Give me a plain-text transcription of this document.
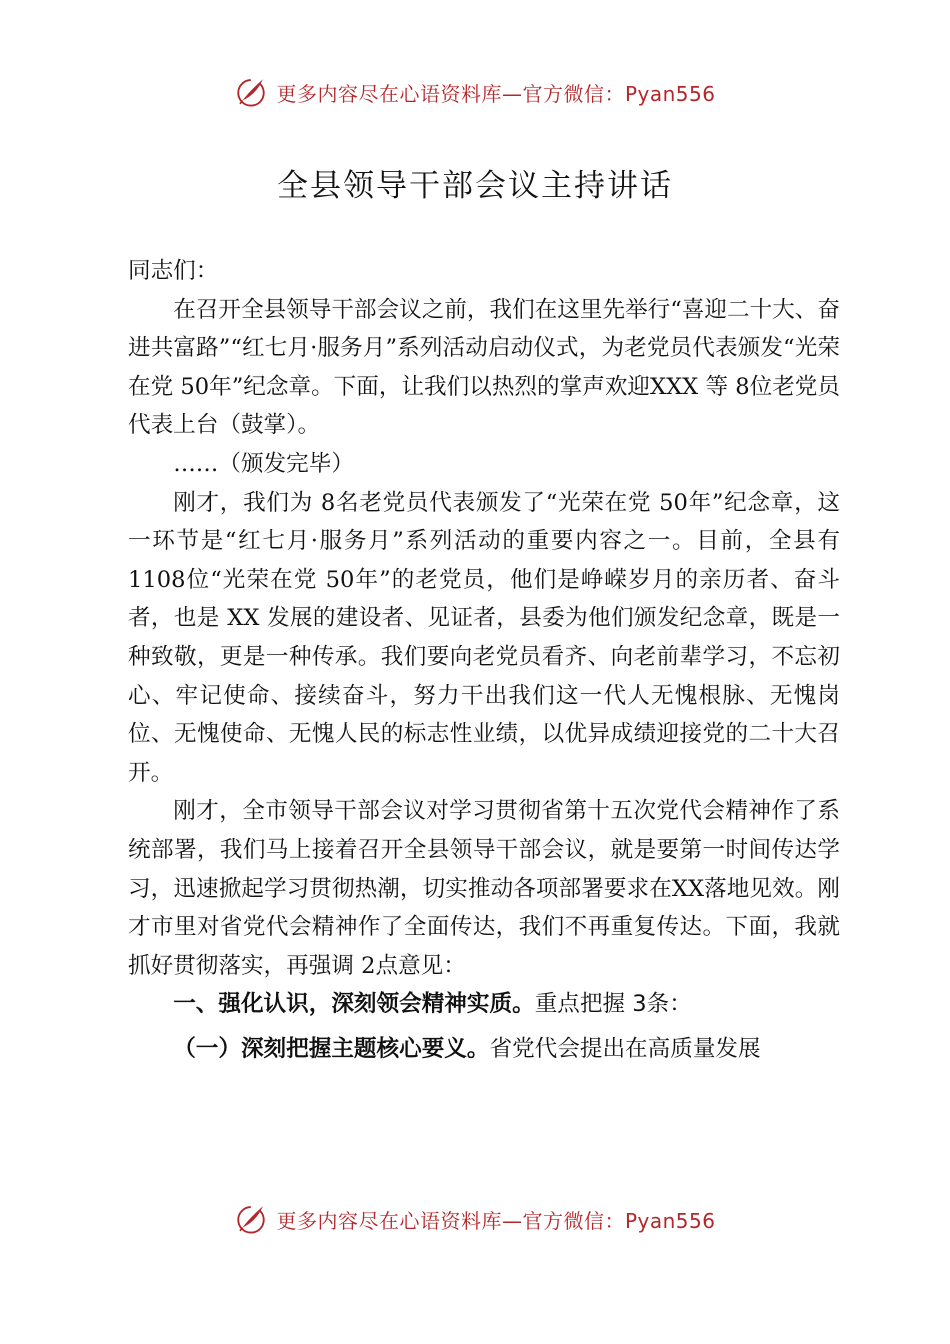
更多内容尽在心语资料库—官方微信：Pyan556
全县领导干部会议主持讲话

同志们：

在召开全县领导干部会议之前，我们在这里先举行“喜迎二十大、奋进共富路”“红七月·服务月”系列活动启动仪式，为老党员代表颁发“光荣在党 50年”纪念章。下面，让我们以热烈的掌声欢迎XXX 等 8位老党员代表上台（鼓掌）。

……（颁发完毕）

刚才，我们为 8名老党员代表颁发了“光荣在党 50年”纪念章，这一环节是“红七月·服务月”系列活动的重要内容之一。目前，全县有 1108位“光荣在党 50年”的老党员，他们是峥嵘岁月的亲历者、奋斗者，也是 XX 发展的建设者、见证者，县委为他们颁发纪念章，既是一种致敬，更是一种传承。我们要向老党员看齐、向老前辈学习，不忘初心、牢记使命、接续奋斗，努力干出我们这一代人无愧根脉、无愧岗位、无愧使命、无愧人民的标志性业绩，以优异成绩迎接党的二十大召开。

刚才，全市领导干部会议对学习贯彻省第十五次党代会精神作了系统部署，我们马上接着召开全县领导干部会议，就是要第一时间传达学习，迅速掀起学习贯彻热潮，切实推动各项部署要求在XX落地见效。刚才市里对省党代会精神作了全面传达，我们不再重复传达。下面，我就抓好贯彻落实，再强调 2点意见：

一、强化认识，深刻领会精神实质。重点把握 3条：

（一）深刻把握主题核心要义。省党代会提出在高质量发展

更多内容尽在心语资料库—官方微信：Pyan556
